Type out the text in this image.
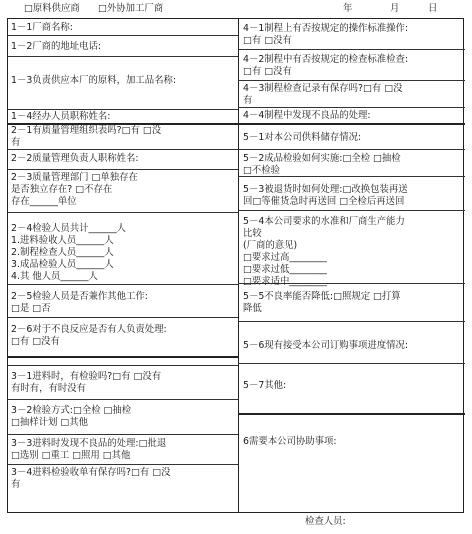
□原料供应商 □外协加工厂商	年	月	日
1－1厂商名称:
1－2厂商的地址电话:
1－3负责供应本厂的原料，加工品名称:
1－4经办人员职称姓名:
2－1有质量管理组织表吗?□有 □没
有
2－2质量管理负责人职称姓名:
2－3质量管理部门 □单独存在
是否独立存在? □不存在
存在______单位
2－4检验人员共计______人
1.进料验收人员______人
2.制程检查人员______人
3.成品检验人员______人
4.其 他人员______人
2－5检验人员是否兼作其他工作:
□是 □否
2－6对于不良反应是否有人负责处理:
□有 □没有
3－1进料时，有检验吗?□有 □没有
有时有，有时没有
3－2检验方式:□全检 □抽检
□抽样计划 □其他
3－3进料时发现不良品的处理:□批退
□选别 □重工 □照用 □其他
3－4进料检验收单有保存吗?□有 □没
有
4－1制程上有否按规定的操作标准操作:
□有 □没有
4－2制程中有否按规定的检查标准检查:
□有 □没有
4－3制程检查记录有保存吗?□有 □没
有
4－4制程中发现不良品的处理:
5－1对本公司供料储存情况:
5－2成品检验如何实施:□全检 □抽检
□不检验
5－3被退货时如何处理:□改换包装再送
回□等催货急时再送回 □全检后再送回
5－4本公司要求的水准和厂商生产能力
比较
(厂商的意见)
□要求过高________
□要求过低________
□要求适中________
5－5不良率能否降低:□照规定 □打算
降低
5－6现有接受本公司订购事项进度情况:
5－7其他:
6需要本公司协助事项:
检查人员:
